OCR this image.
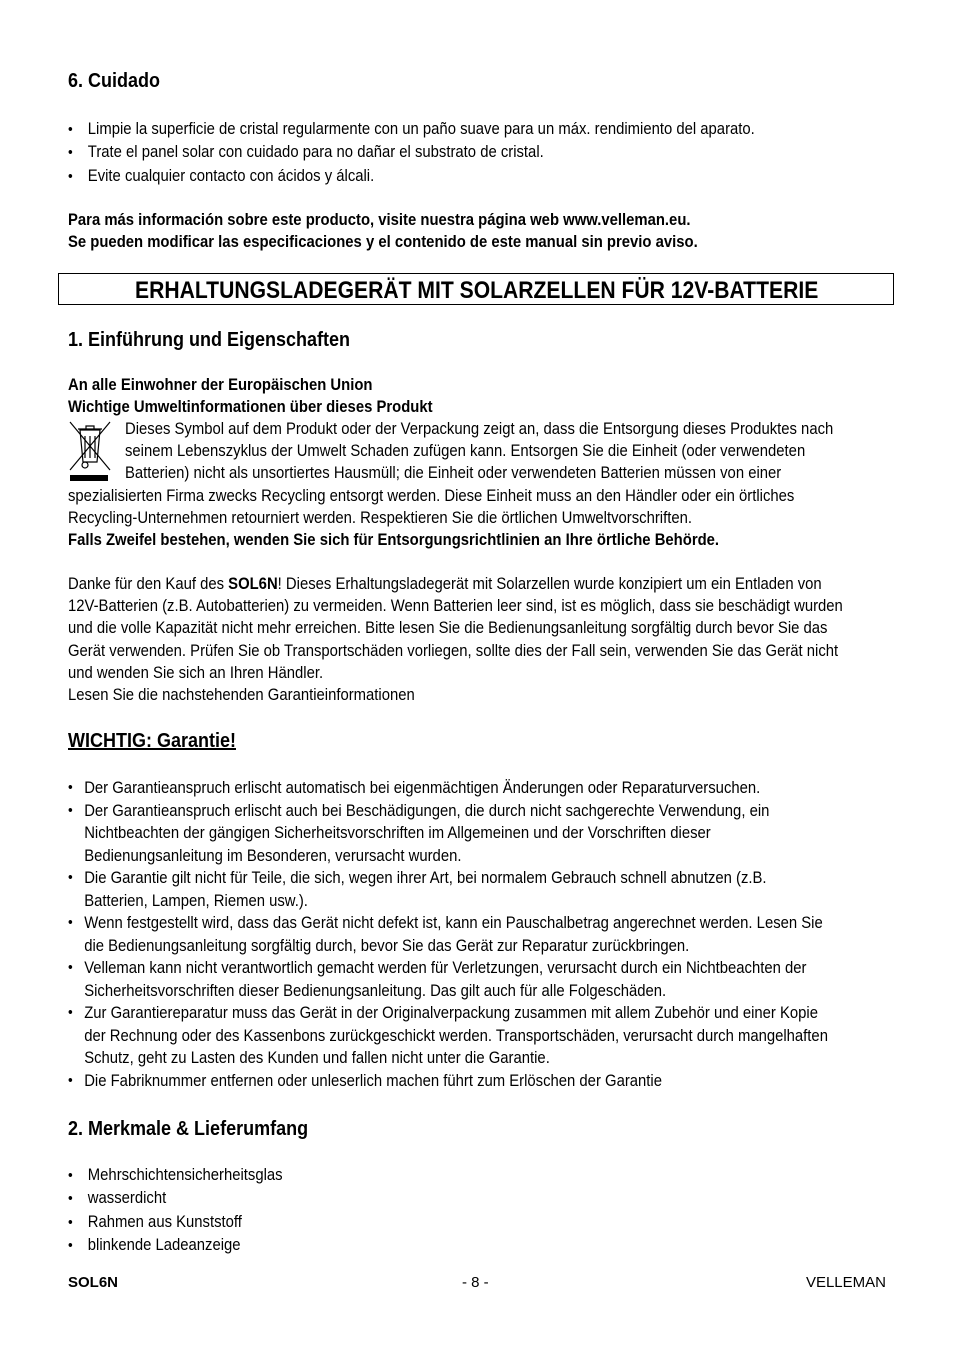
6. Cuidado
• Limpie la superficie de cristal regularmente con un paño suave para un máx. rendimiento del aparato.
• Trate el panel solar con cuidado para no dañar el substrato de cristal.
• Evite cualquier contacto con ácidos y álcali.
Para más información sobre este producto, visite nuestra página web www.velleman.eu.
Se pueden modificar las especificaciones y el contenido de este manual sin previo aviso.
ERHALTUNGSLADEGERÄT MIT SOLARZELLEN FÜR 12V-BATTERIE
1. Einführung und Eigenschaften
An alle Einwohner der Europäischen Union
Wichtige Umweltinformationen über dieses Produkt
Dieses Symbol auf dem Produkt oder der Verpackung zeigt an, dass die Entsorgung dieses Produktes nach
seinem Lebenszyklus der Umwelt Schaden zufügen kann. Entsorgen Sie die Einheit (oder verwendeten
Batterien) nicht als unsortiertes Hausmüll; die Einheit oder verwendeten Batterien müssen von einer
spezialisierten Firma zwecks Recycling entsorgt werden. Diese Einheit muss an den Händler oder ein örtliches
Recycling-Unternehmen retourniert werden. Respektieren Sie die örtlichen Umweltvorschriften.
Falls Zweifel bestehen, wenden Sie sich für Entsorgungsrichtlinien an Ihre örtliche Behörde.
Danke für den Kauf des SOL6N! Dieses Erhaltungsladegerät mit Solarzellen wurde konzipiert um ein Entladen von
12V-Batterien (z.B. Autobatterien) zu vermeiden. Wenn Batterien leer sind, ist es möglich, dass sie beschädigt wurden
und die volle Kapazität nicht mehr erreichen. Bitte lesen Sie die Bedienungsanleitung sorgfältig durch bevor Sie das
Gerät verwenden. Prüfen Sie ob Transportschäden vorliegen, sollte dies der Fall sein, verwenden Sie das Gerät nicht
und wenden Sie sich an Ihren Händler.
Lesen Sie die nachstehenden Garantieinformationen
WICHTIG: Garantie!
• Der Garantieanspruch erlischt automatisch bei eigenmächtigen Änderungen oder Reparaturversuchen.
• Der Garantieanspruch erlischt auch bei Beschädigungen, die durch nicht sachgerechte Verwendung, ein
Nichtbeachten der gängigen Sicherheitsvorschriften im Allgemeinen und der Vorschriften dieser
Bedienungsanleitung im Besonderen, verursacht wurden.
• Die Garantie gilt nicht für Teile, die sich, wegen ihrer Art, bei normalem Gebrauch schnell abnutzen (z.B.
Batterien, Lampen, Riemen usw.).
• Wenn festgestellt wird, dass das Gerät nicht defekt ist, kann ein Pauschalbetrag angerechnet werden. Lesen Sie
die Bedienungsanleitung sorgfältig durch, bevor Sie das Gerät zur Reparatur zurückbringen.
• Velleman kann nicht verantwortlich gemacht werden für Verletzungen, verursacht durch ein Nichtbeachten der
Sicherheitsvorschriften dieser Bedienungsanleitung. Das gilt auch für alle Folgeschäden.
• Zur Garantiereparatur muss das Gerät in der Originalverpackung zusammen mit allem Zubehör und einer Kopie
der Rechnung oder des Kassenbons zurückgeschickt werden. Transportschäden, verursacht durch mangelhaften
Schutz, geht zu Lasten des Kunden und fallen nicht unter die Garantie.
• Die Fabriknummer entfernen oder unleserlich machen führt zum Erlöschen der Garantie
2. Merkmale & Lieferumfang
• Mehrschichtensicherheitsglas
• wasserdicht
• Rahmen aus Kunststoff
• blinkende Ladeanzeige
SOL6N	- 8 -	VELLEMAN
